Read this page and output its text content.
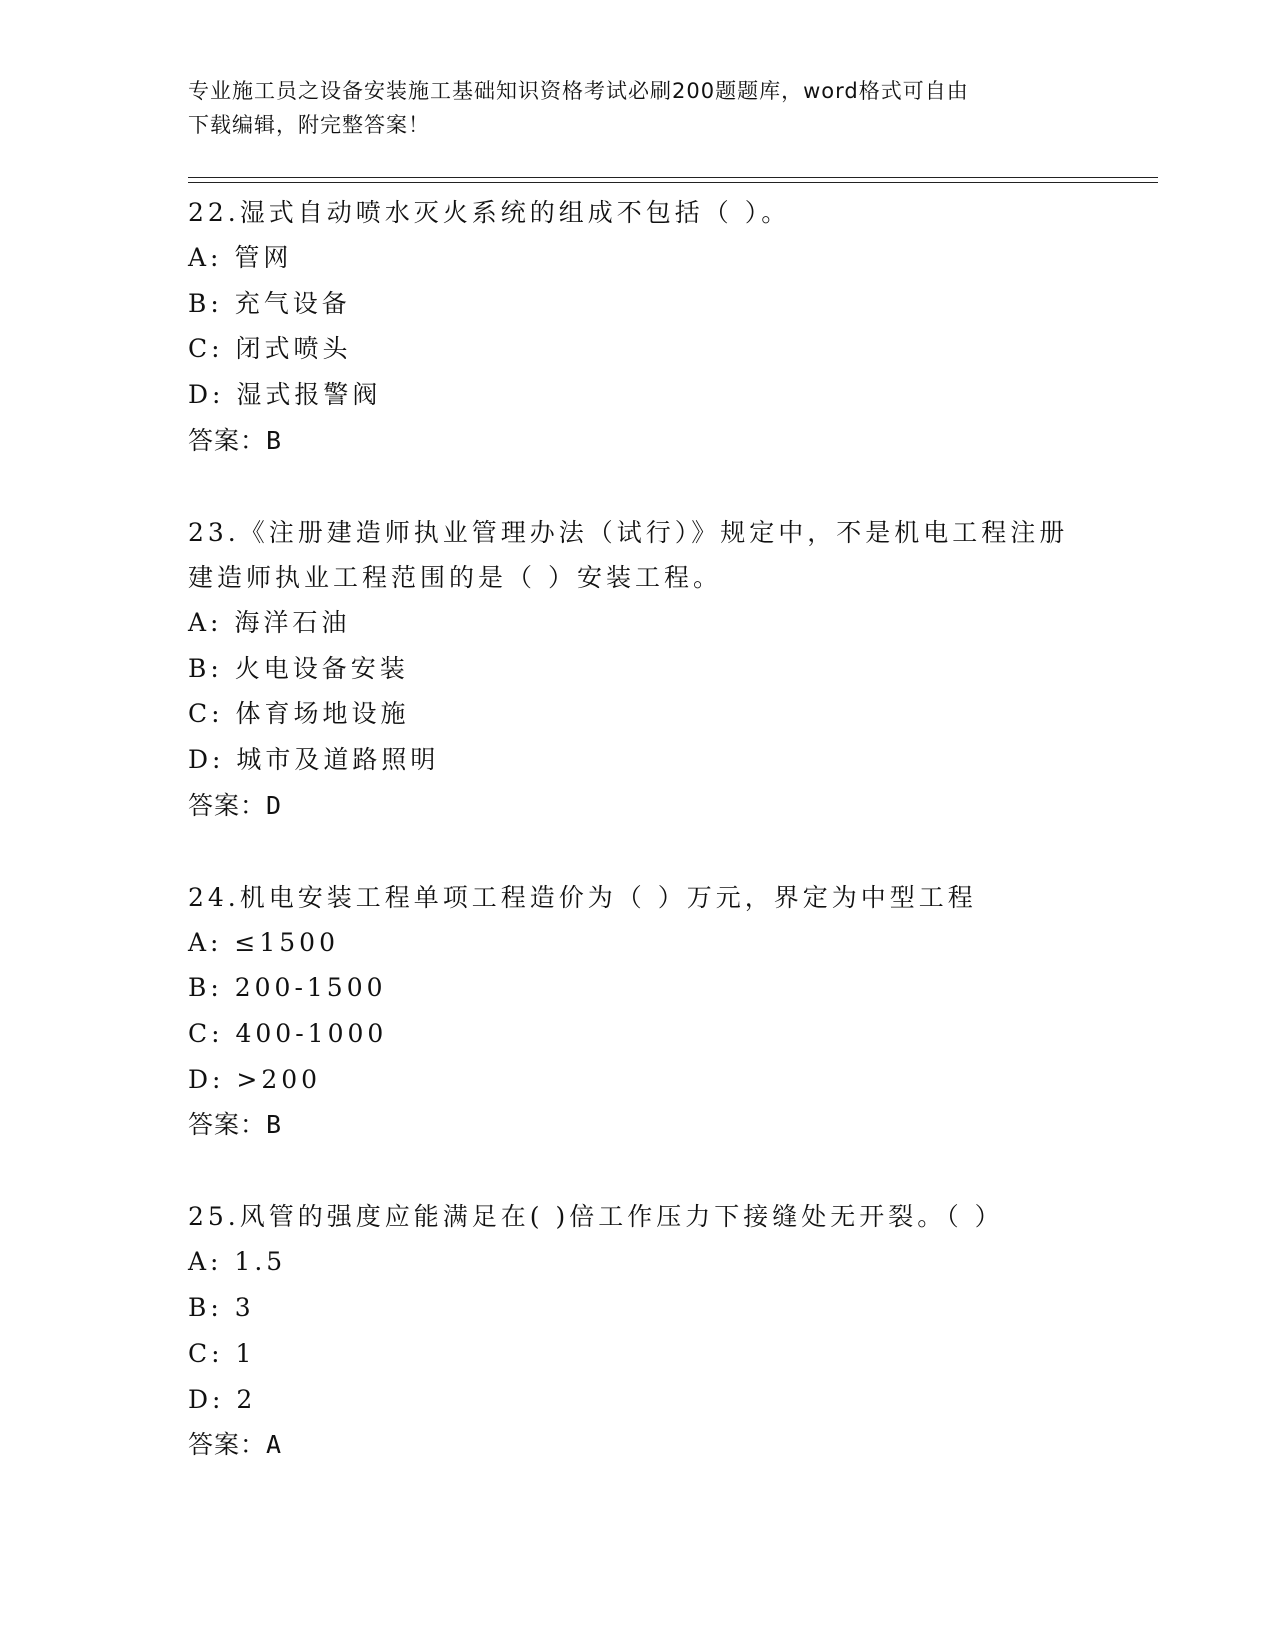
专业施工员之设备安装施工基础知识资格考试必刷200题题库，word格式可自由
下载编辑，附完整答案！
22.湿式自动喷水灭火系统的组成不包括（ ）。
A: 管网
B: 充气设备
C: 闭式喷头
D: 湿式报警阀
答案：B
23.《注册建造师执业管理办法（试行）》规定中，不是机电工程注册
建造师执业工程范围的是（ ）安装工程。
A: 海洋石油
B: 火电设备安装
C: 体育场地设施
D: 城市及道路照明
答案：D
24.机电安装工程单项工程造价为（ ）万元，界定为中型工程
A: ≤1500
B: 200-1500
C: 400-1000
D: >200
答案：B
25.风管的强度应能满足在( )倍工作压力下接缝处无开裂。（ ）
A: 1.5
B: 3
C: 1
D: 2
答案：A
